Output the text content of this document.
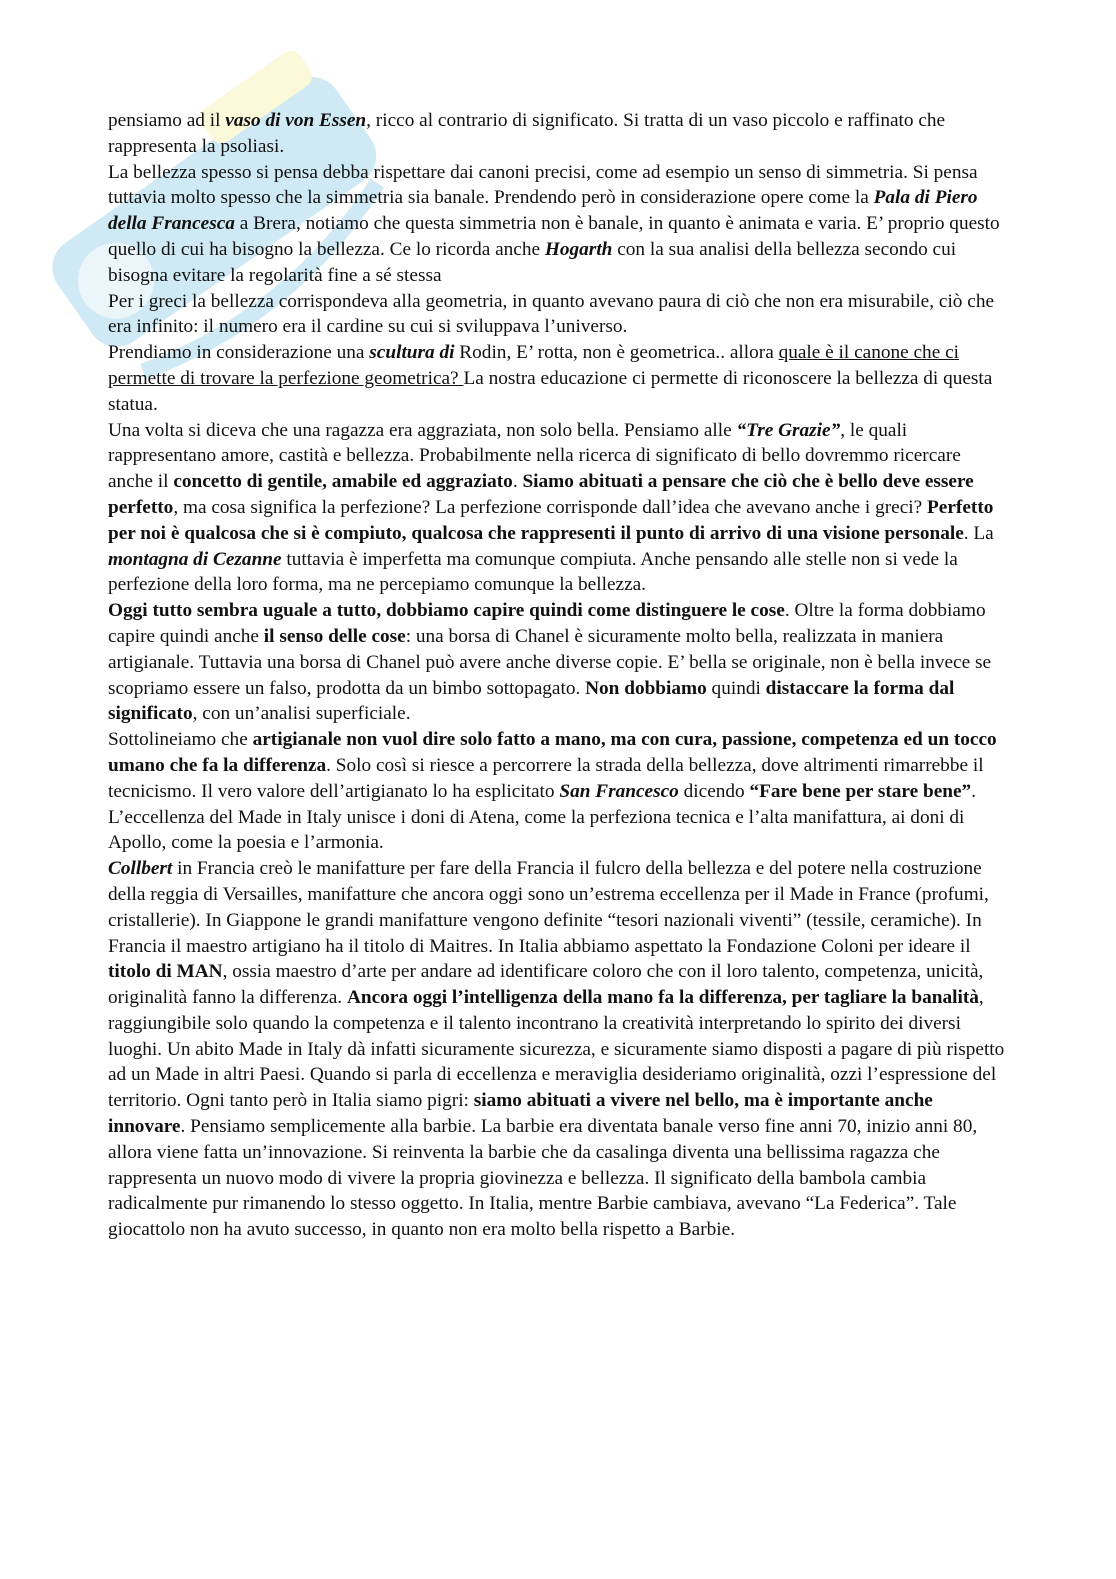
pensiamo ad il vaso di von Essen, ricco al contrario di significato. Si tratta di un vaso piccolo e raffinato che rappresenta la psoliasi.

La bellezza spesso si pensa debba rispettare dai canoni precisi, come ad esempio un senso di simmetria. Si pensa tuttavia molto spesso che la simmetria sia banale. Prendendo però in considerazione opere come la Pala di Piero della Francesca a Brera, notiamo che questa simmetria non è banale, in quanto è animata e varia. E’ proprio questo quello di cui ha bisogno la bellezza. Ce lo ricorda anche Hogarth con la sua analisi della bellezza secondo cui bisogna evitare la regolarità fine a sé stessa

Per i greci la bellezza corrispondeva alla geometria, in quanto avevano paura di ciò che non era misurabile, ciò che era infinito: il numero era il cardine su cui si sviluppava l’universo.

Prendiamo in considerazione una scultura di Rodin, E’ rotta, non è geometrica.. allora quale è il canone che ci permette di trovare la perfezione geometrica? La nostra educazione ci permette di riconoscere la bellezza di questa statua.

Una volta si diceva che una ragazza era aggraziata, non solo bella. Pensiamo alle “Tre Grazie”, le quali rappresentano amore, castità e bellezza. Probabilmente nella ricerca di significato di bello dovremmo ricercare anche il concetto di gentile, amabile ed aggraziato. Siamo abituati a pensare che ciò che è bello deve essere perfetto, ma cosa significa la perfezione? La perfezione corrisponde dall’idea che avevano anche i greci? Perfetto per noi è qualcosa che si è compiuto, qualcosa che rappresenti il punto di arrivo di una visione personale. La montagna di Cezanne tuttavia è imperfetta ma comunque compiuta. Anche pensando alle stelle non si vede la perfezione della loro forma, ma ne percepiamo comunque la bellezza.

Oggi tutto sembra uguale a tutto, dobbiamo capire quindi come distinguere le cose. Oltre la forma dobbiamo capire quindi anche il senso delle cose: una borsa di Chanel è sicuramente molto bella, realizzata in maniera artigianale. Tuttavia una borsa di Chanel può avere anche diverse copie. E’ bella se originale, non è bella invece se scopriamo essere un falso, prodotta da un bimbo sottopagato. Non dobbiamo quindi distaccare la forma dal significato, con un’analisi superficiale.

Sottolineiamo che artigianale non vuol dire solo fatto a mano, ma con cura, passione, competenza ed un tocco umano che fa la differenza. Solo così si riesce a percorrere la strada della bellezza, dove altrimenti rimarrebbe il tecnicismo. Il vero valore dell’artigianato lo ha esplicitato San Francesco dicendo “Fare bene per stare bene”. L’eccellenza del Made in Italy unisce i doni di Atena, come la perfeziona tecnica e l’alta manifattura, ai doni di Apollo, come la poesia e l’armonia.

Collbert in Francia creò le manifatture per fare della Francia il fulcro della bellezza e del potere nella costruzione della reggia di Versailles, manifatture che ancora oggi sono un’estrema eccellenza per il Made in France (profumi, cristallerie). In Giappone le grandi manifatture vengono definite “tesori nazionali viventi” (tessile, ceramiche). In Francia il maestro artigiano ha il titolo di Maitres. In Italia abbiamo aspettato la Fondazione Coloni per ideare il titolo di MAN, ossia maestro d’arte per andare ad identificare coloro che con il loro talento, competenza, unicità, originalità fanno la differenza. Ancora oggi l’intelligenza della mano fa la differenza, per tagliare la banalità, raggiungibile solo quando la competenza e il talento incontrano la creatività interpretando lo spirito dei diversi luoghi. Un abito Made in Italy dà infatti sicuramente sicurezza, e sicuramente siamo disposti a pagare di più rispetto ad un Made in altri Paesi. Quando si parla di eccellenza e meraviglia desideriamo originalità, ozzi l’espressione del territorio. Ogni tanto però in Italia siamo pigri: siamo abituati a vivere nel bello, ma è importante anche innovare. Pensiamo semplicemente alla barbie. La barbie era diventata banale verso fine anni 70, inizio anni 80, allora viene fatta un’innovazione. Si reinventa la barbie che da casalinga diventa una bellissima ragazza che rappresenta un nuovo modo di vivere la propria giovinezza e bellezza. Il significato della bambola cambia radicalmente pur rimanendo lo stesso oggetto. In Italia, mentre Barbie cambiava, avevano “La Federica”. Tale giocattolo non ha avuto successo, in quanto non era molto bella rispetto a Barbie.
